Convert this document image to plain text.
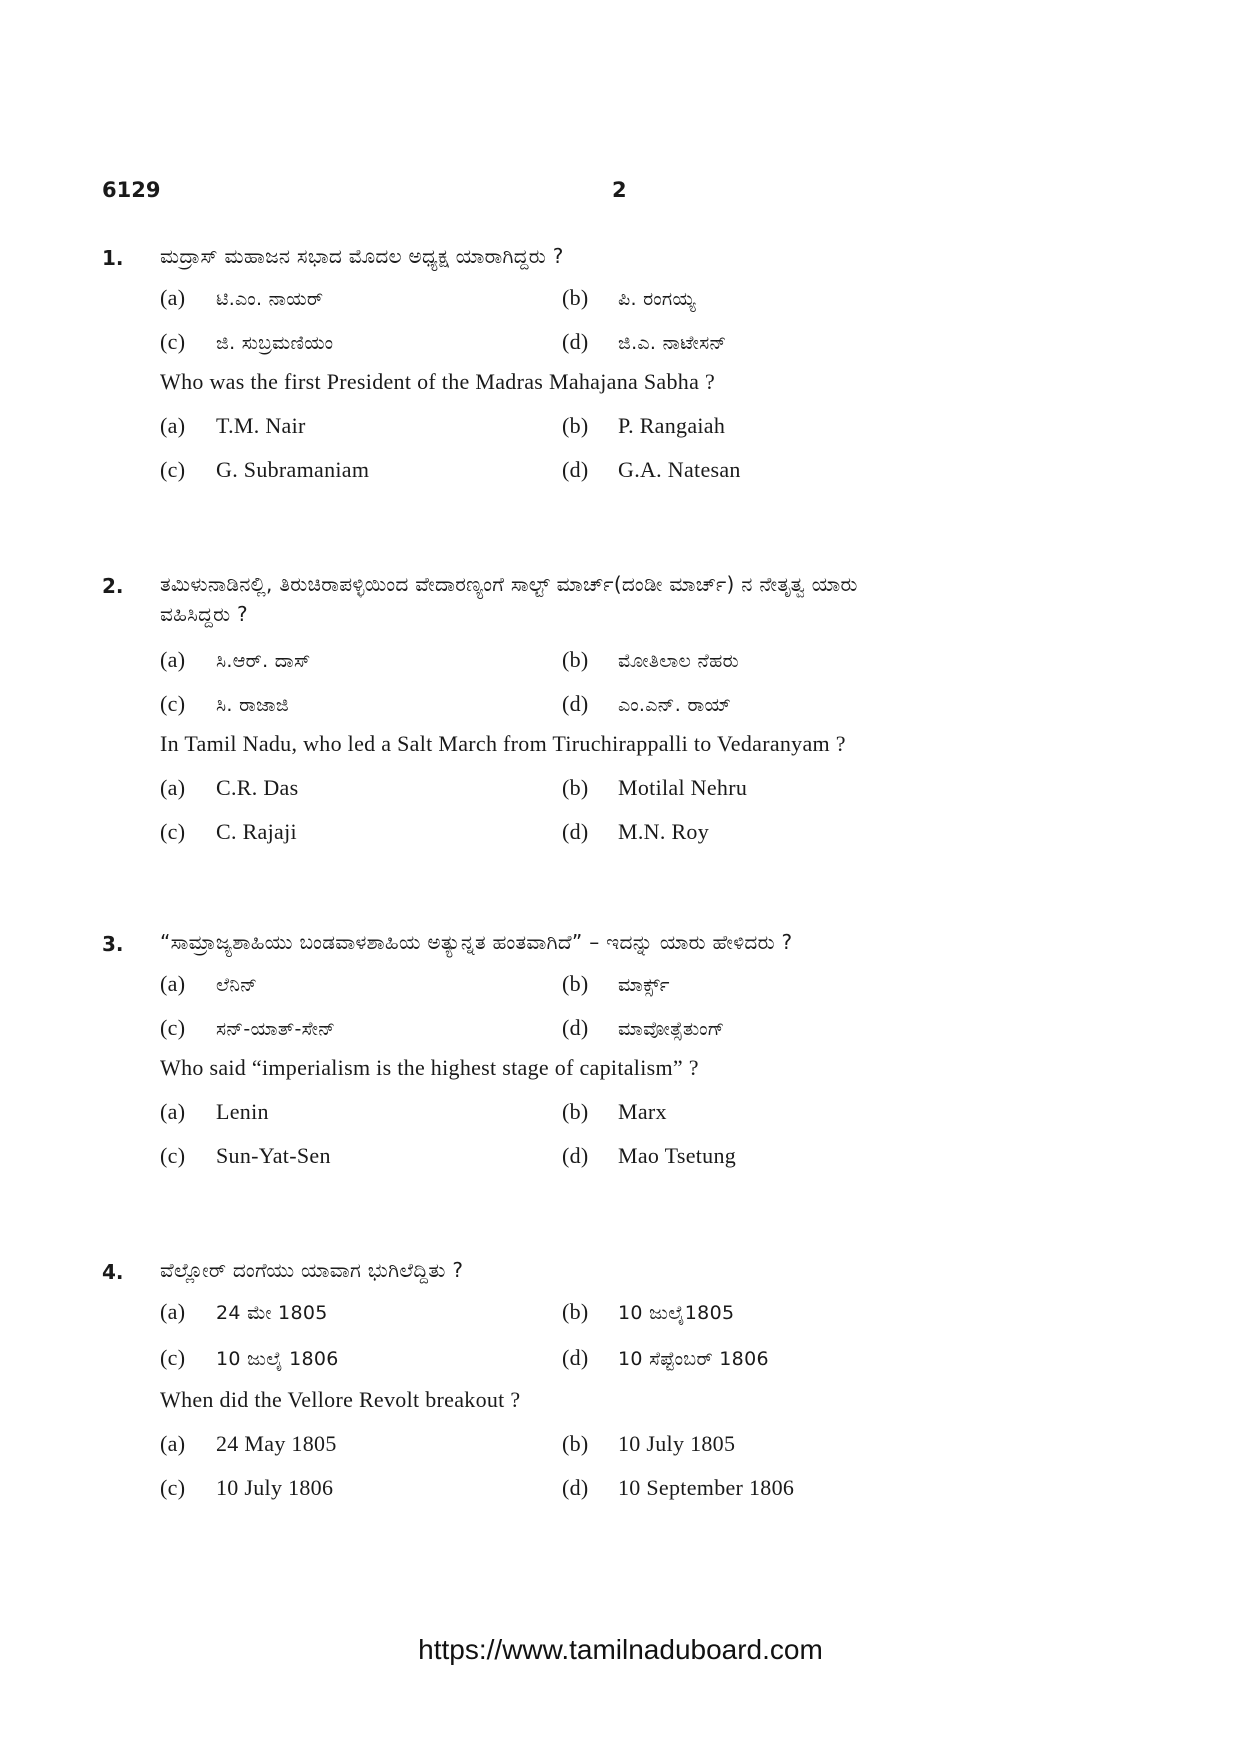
6129	2
1. ಮದ್ರಾಸ್ ಮಹಾಜನ ಸಭಾದ ಮೊದಲ ಅಧ್ಯಕ್ಷ ಯಾರಾಗಿದ್ದರು ?
(a) ಟಿ.ಎಂ. ನಾಯರ್	(b) ಪಿ. ರಂಗಯ್ಯ
(c) ಜಿ. ಸುಬ್ರಮಣಿಯಂ	(d) ಜಿ.ಎ. ನಾಟೇಸನ್
Who was the first President of the Madras Mahajana Sabha ?
(a) T.M. Nair	(b) P. Rangaiah
(c) G. Subramaniam	(d) G.A. Natesan
2. ತಮಿಳುನಾಡಿನಲ್ಲಿ, ತಿರುಚಿರಾಪಳ್ಳಿಯಿಂದ ವೇದಾರಣ್ಯಂಗೆ ಸಾಲ್ಟ್ ಮಾರ್ಚ್(ದಂಡೀ ಮಾರ್ಚ್) ನ ನೇತೃತ್ವ ಯಾರು
ವಹಿಸಿದ್ದರು ?
(a) ಸಿ.ಆರ್. ದಾಸ್	(b) ಮೋತಿಲಾಲ ನೆಹರು
(c) ಸಿ. ರಾಜಾಜಿ	(d) ಎಂ.ಎನ್. ರಾಯ್
In Tamil Nadu, who led a Salt March from Tiruchirappalli to Vedaranyam ?
(a) C.R. Das	(b) Motilal Nehru
(c) C. Rajaji	(d) M.N. Roy
3. “ಸಾಮ್ರಾಜ್ಯಶಾಹಿಯು ಬಂಡವಾಳಶಾಹಿಯ ಅತ್ಯುನ್ನತ ಹಂತವಾಗಿದೆ” – ಇದನ್ನು ಯಾರು ಹೇಳಿದರು ?
(a) ಲೆನಿನ್	(b) ಮಾರ್ಕ್ಸ್
(c) ಸನ್-ಯಾತ್-ಸೇನ್	(d) ಮಾವೋತ್ಸೆತುಂಗ್
Who said “imperialism is the highest stage of capitalism” ?
(a) Lenin	(b) Marx
(c) Sun-Yat-Sen	(d) Mao Tsetung
4. ವೆಲ್ಲೋರ್ ದಂಗೆಯು ಯಾವಾಗ ಭುಗಿಲೆದ್ದಿತು ?
(a) 24 ಮೇ 1805	(b) 10 ಜುಲೈ1805
(c) 10 ಜುಲೈ 1806	(d) 10 ಸೆಪ್ಟೆಂಬರ್ 1806
When did the Vellore Revolt breakout ?
(a) 24 May 1805	(b) 10 July 1805
(c) 10 July 1806	(d) 10 September 1806
https://www.tamilnaduboard.com
